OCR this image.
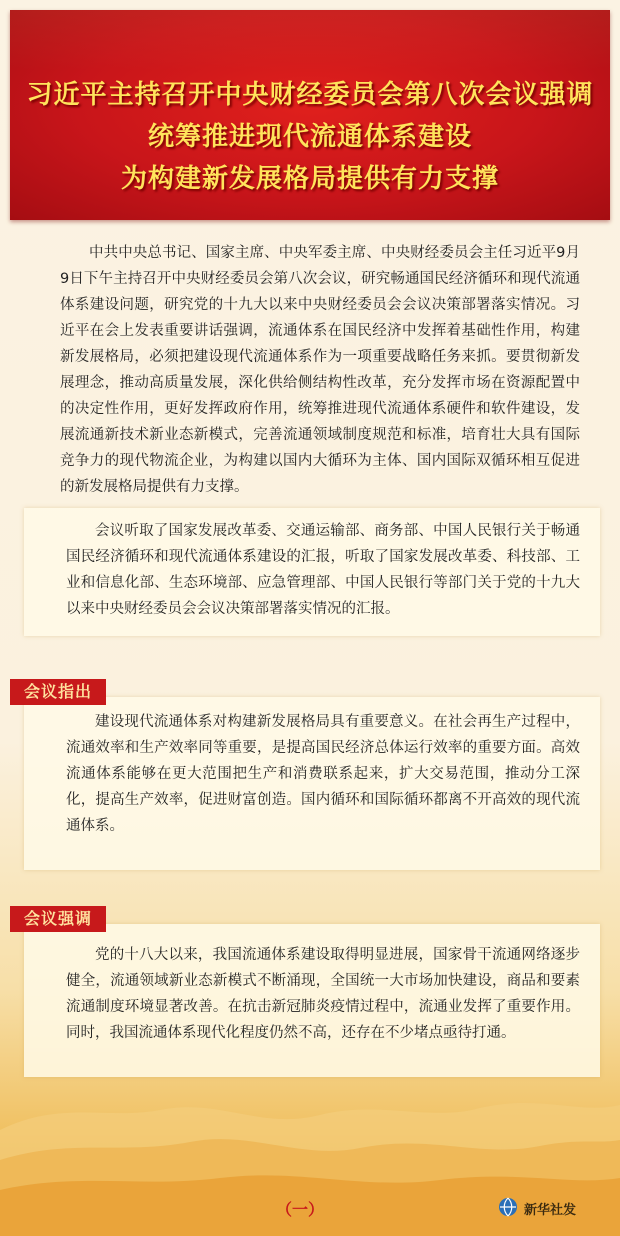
习近平主持召开中央财经委员会第八次会议强调
统筹推进现代流通体系建设
为构建新发展格局提供有力支撑

中共中央总书记、国家主席、中央军委主席、中央财经委员会主任习近平9月9日下午主持召开中央财经委员会第八次会议，研究畅通国民经济循环和现代流通体系建设问题，研究党的十九大以来中央财经委员会会议决策部署落实情况。习近平在会上发表重要讲话强调，流通体系在国民经济中发挥着基础性作用，构建新发展格局，必须把建设现代流通体系作为一项重要战略任务来抓。要贯彻新发展理念，推动高质量发展，深化供给侧结构性改革，充分发挥市场在资源配置中的决定性作用，更好发挥政府作用，统筹推进现代流通体系硬件和软件建设，发展流通新技术新业态新模式，完善流通领域制度规范和标准，培育壮大具有国际竞争力的现代物流企业，为构建以国内大循环为主体、国内国际双循环相互促进的新发展格局提供有力支撑。

会议听取了国家发展改革委、交通运输部、商务部、中国人民银行关于畅通国民经济循环和现代流通体系建设的汇报，听取了国家发展改革委、科技部、工业和信息化部、生态环境部、应急管理部、中国人民银行等部门关于党的十九大以来中央财经委员会会议决策部署落实情况的汇报。

建设现代流通体系对构建新发展格局具有重要意义。在社会再生产过程中，流通效率和生产效率同等重要，是提高国民经济总体运行效率的重要方面。高效流通体系能够在更大范围把生产和消费联系起来，扩大交易范围，推动分工深化，提高生产效率，促进财富创造。国内循环和国际循环都离不开高效的现代流通体系。

会议指出

党的十八大以来，我国流通体系建设取得明显进展，国家骨干流通网络逐步健全，流通领域新业态新模式不断涌现，全国统一大市场加快建设，商品和要素流通制度环境显著改善。在抗击新冠肺炎疫情过程中，流通业发挥了重要作用。同时，我国流通体系现代化程度仍然不高，还存在不少堵点亟待打通。

会议强调
（一）	新华社发
